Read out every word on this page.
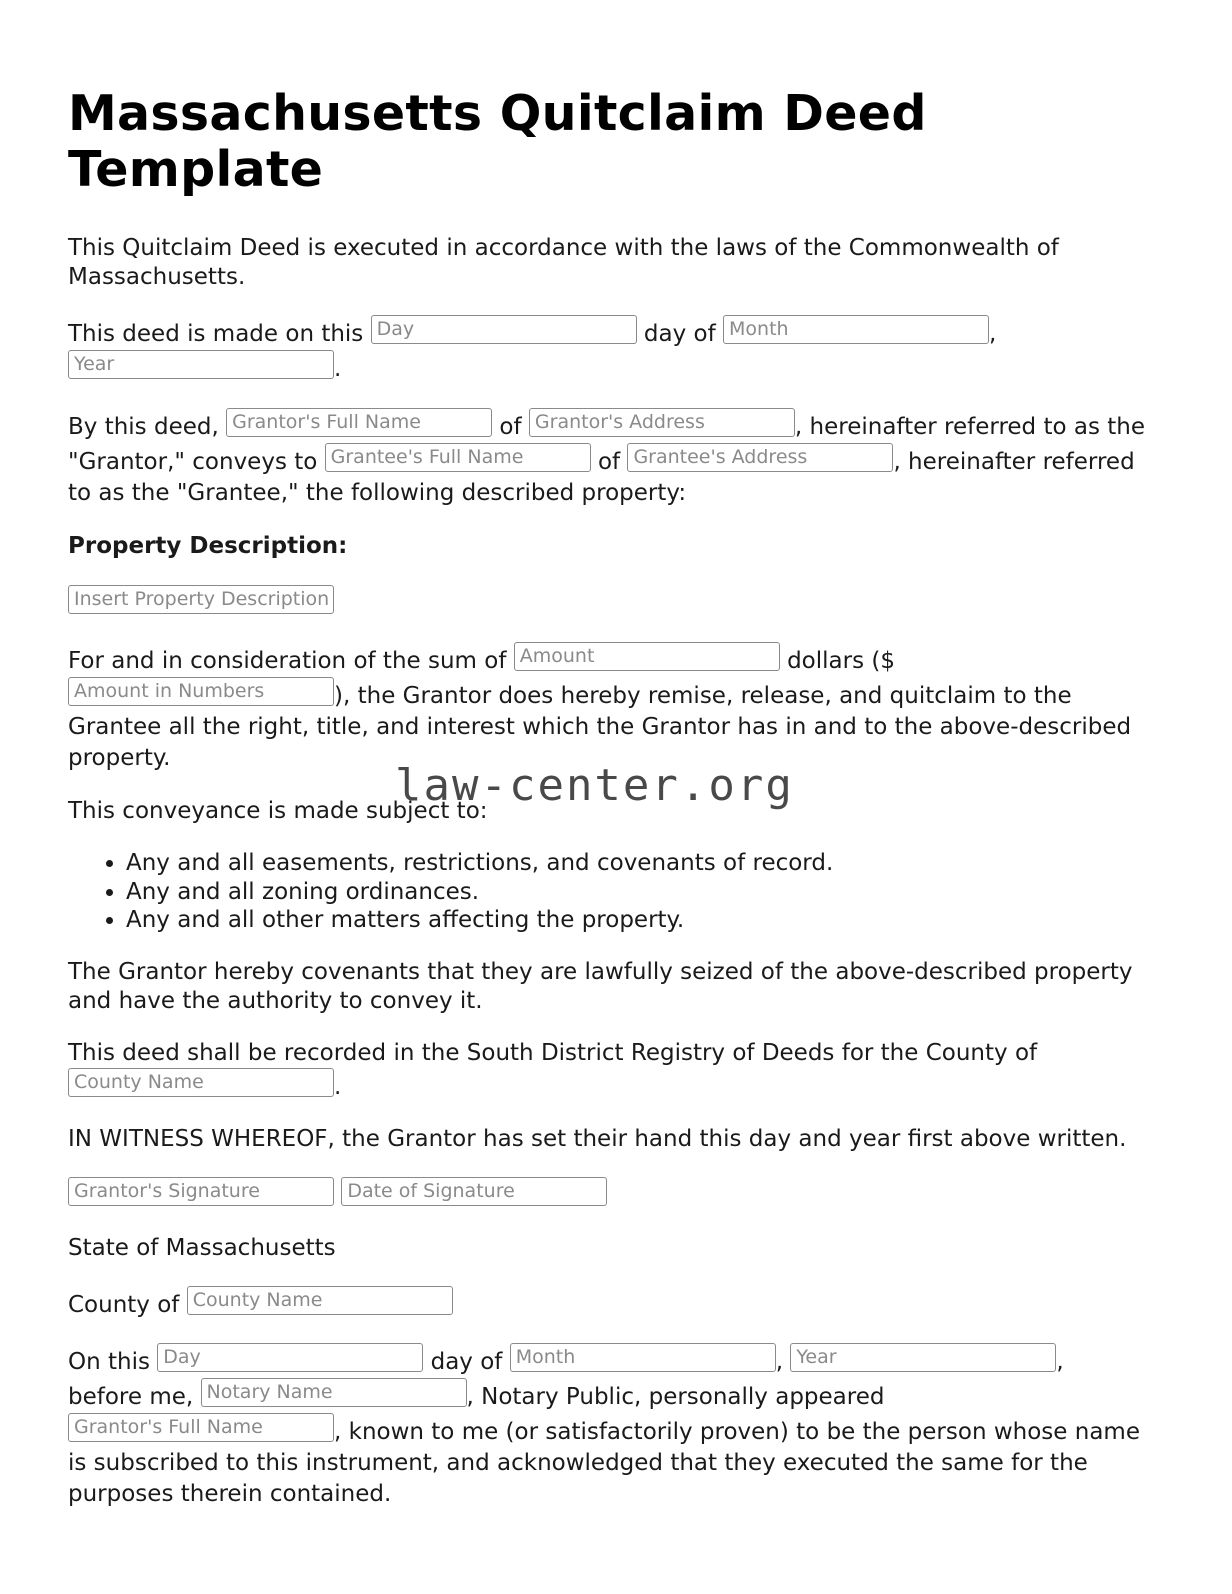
Massachusetts Quitclaim Deed Template

This Quitclaim Deed is executed in accordance with the laws of the Commonwealth of Massachusetts.

This deed is made on this Day	day of Month	,
Year	.

By this deed, Grantor's Full Name	of Grantor's Address	, hereinafter referred to as the "Grantor," conveys to Grantee's Full Name	of Grantee's Address	, hereinafter referred to as the "Grantee," the following described property:

Property Description:

Insert Property Description

For and in consideration of the sum of Amount	dollars ($
Amount in Numbers	), the Grantor does hereby remise, release, and quitclaim to the Grantee all the right, title, and interest which the Grantor has in and to the above-described property.

This conveyance is made subject to:

• Any and all easements, restrictions, and covenants of record.
• Any and all zoning ordinances.
• Any and all other matters affecting the property.

The Grantor hereby covenants that they are lawfully seized of the above-described property and have the authority to convey it.

This deed shall be recorded in the South District Registry of Deeds for the County of
County Name	.

IN WITNESS WHEREOF, the Grantor has set their hand this day and year first above written.

Grantor's Signature	Date of Signature

State of Massachusetts

County of County Name

On this Day	day of Month	, Year	,
before me, Notary Name	, Notary Public, personally appeared
Grantor's Full Name	, known to me (or satisfactorily proven) to be the person whose name is subscribed to this instrument, and acknowledged that they executed the same for the purposes therein contained.

law-center.org
